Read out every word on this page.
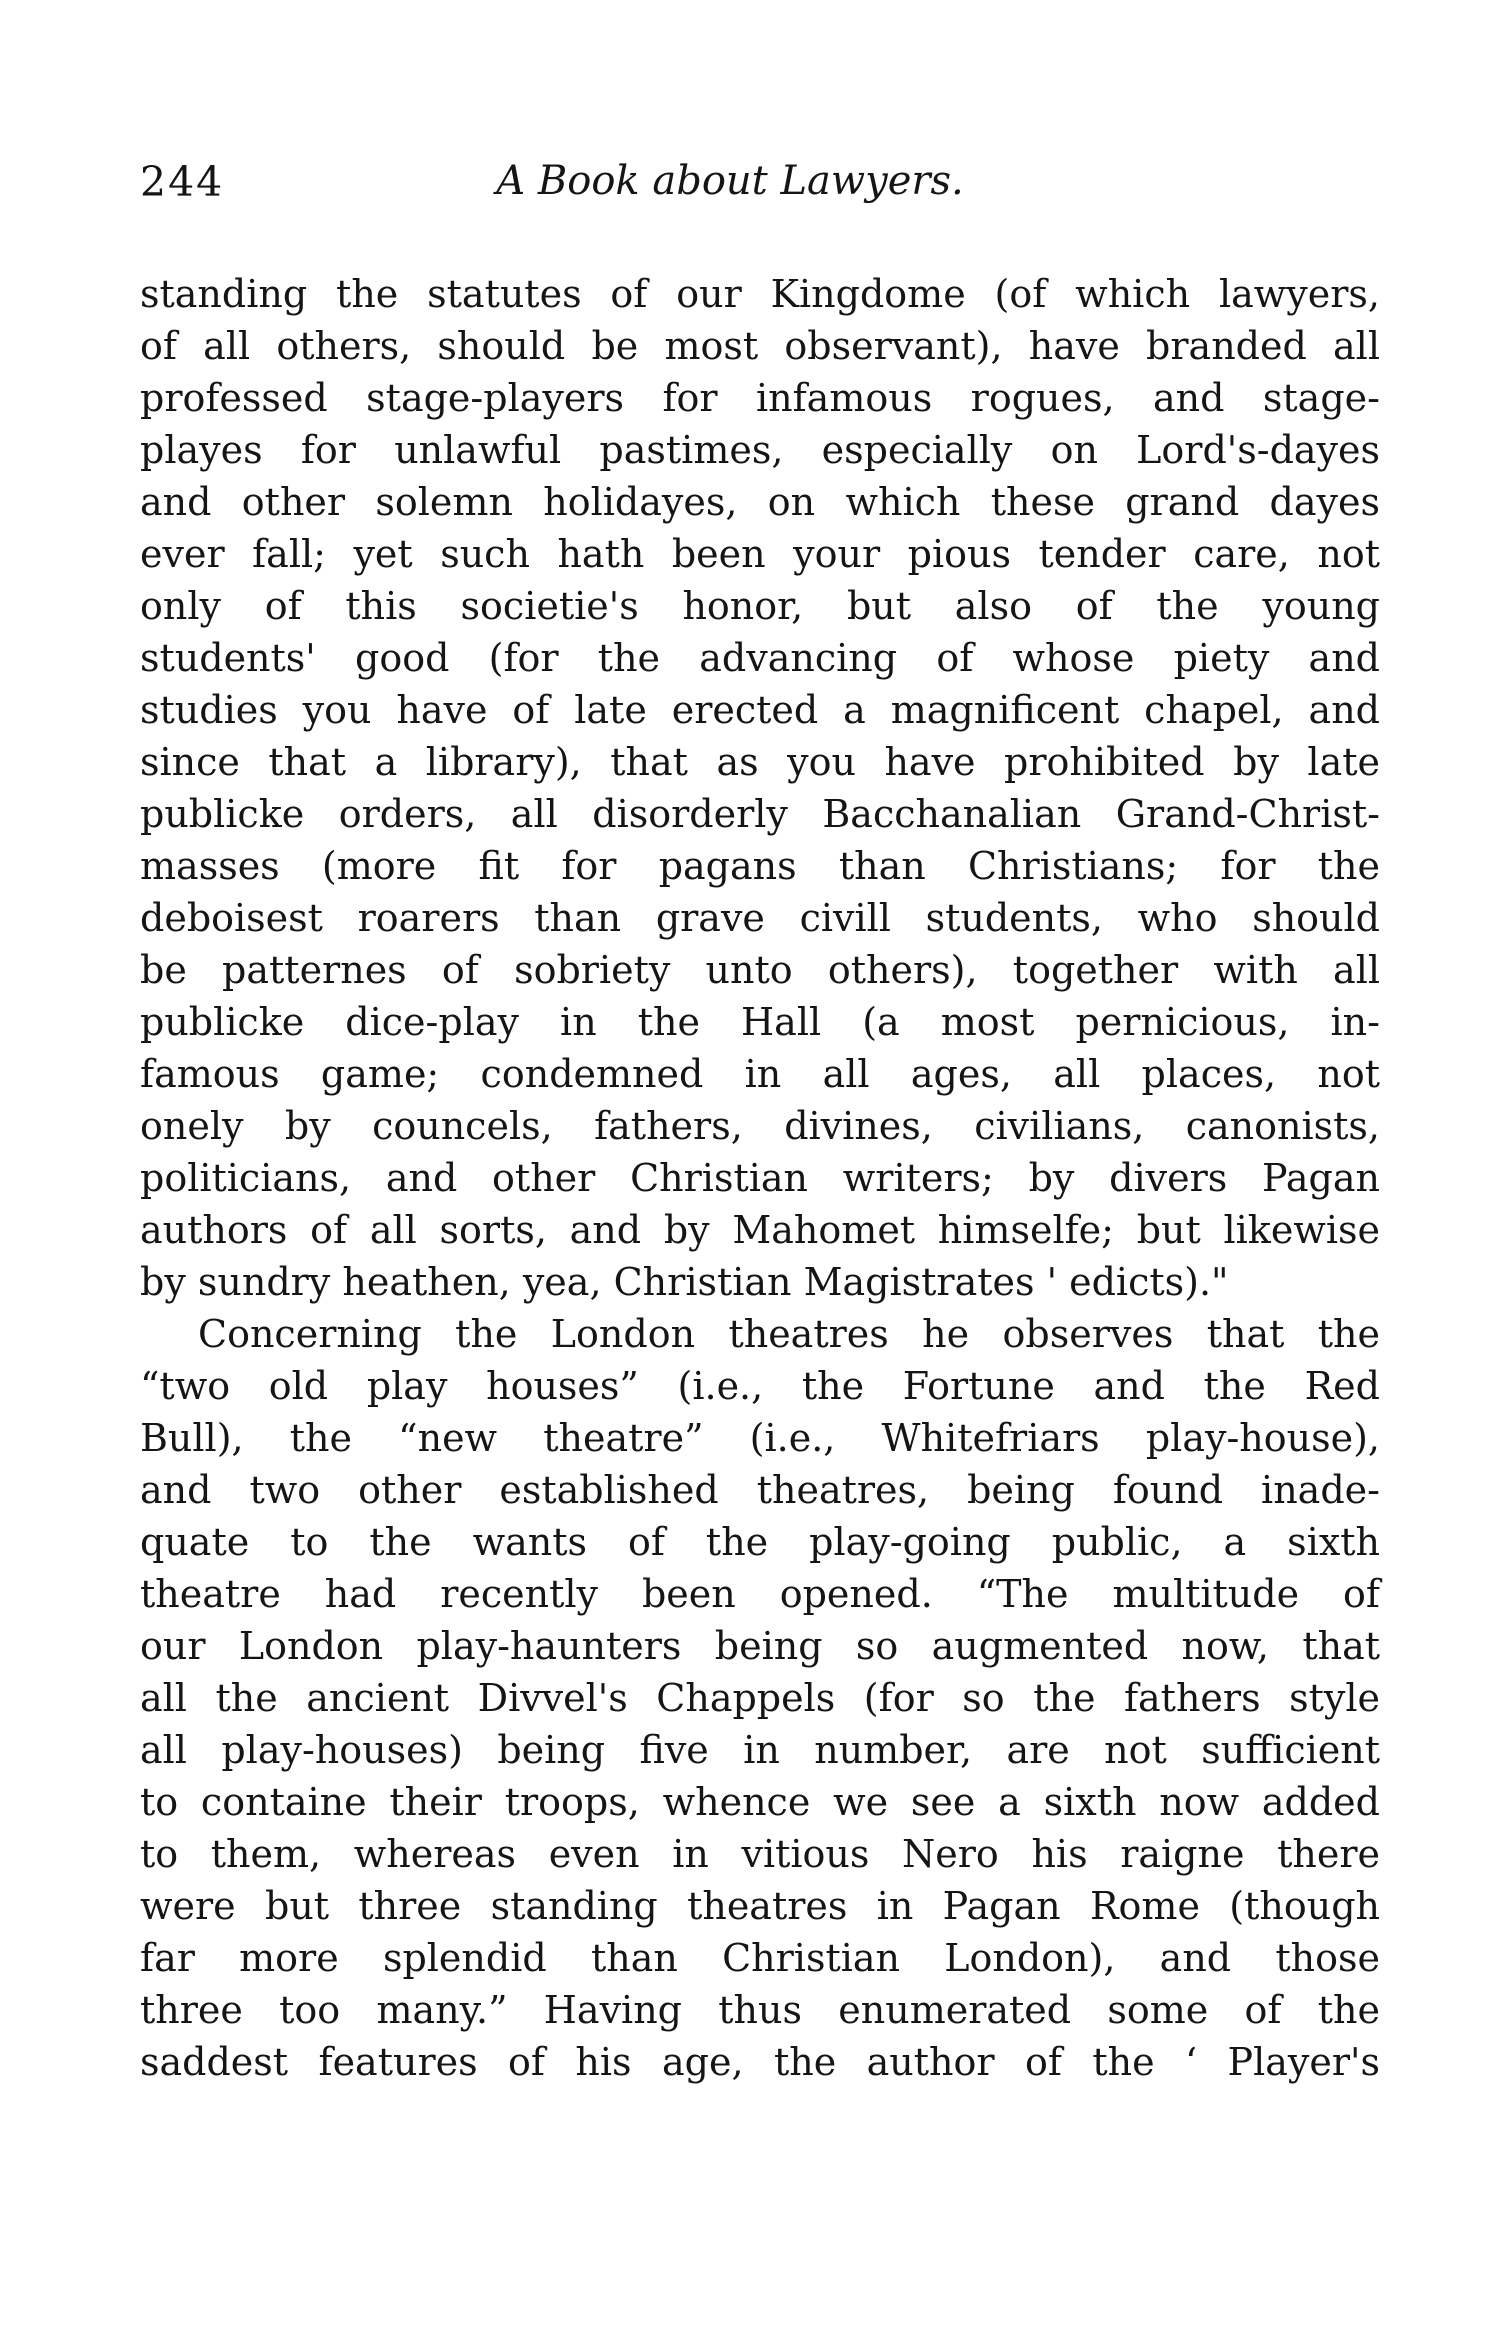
244	A Book about Lawyers.
standing the statutes of our Kingdome (of which lawyers,
of all others, should be most observant), have branded all
professed stage-players for infamous rogues, and stage-
playes for unlawful pastimes, especially on Lord's-dayes
and other solemn holidayes, on which these grand dayes
ever fall; yet such hath been your pious tender care, not
only of this societie's honor, but also of the young
students' good (for the advancing of whose piety and
studies you have of late erected a magnificent chapel, and
since that a library), that as you have prohibited by late
publicke orders, all disorderly Bacchanalian Grand-Christ-
masses (more fit for pagans than Christians; for the
deboisest roarers than grave civill students, who should
be patternes of sobriety unto others), together with all
publicke dice-play in the Hall (a most pernicious, in-
famous game; condemned in all ages, all places, not
onely by councels, fathers, divines, civilians, canonists,
politicians, and other Christian writers; by divers Pagan
authors of all sorts, and by Mahomet himselfe; but likewise
by sundry heathen, yea, Christian Magistrates ' edicts)."
Concerning the London theatres he observes that the
“two old play houses” (i.e., the Fortune and the Red
Bull), the “new theatre” (i.e., Whitefriars play-house),
and two other established theatres, being found inade-
quate to the wants of the play-going public, a sixth
theatre had recently been opened. “The multitude of
our London play-haunters being so augmented now, that
all the ancient Divvel's Chappels (for so the fathers style
all play-houses) being five in number, are not sufficient
to containe their troops, whence we see a sixth now added
to them, whereas even in vitious Nero his raigne there
were but three standing theatres in Pagan Rome (though
far more splendid than Christian London), and those
three too many.” Having thus enumerated some of the
saddest features of his age, the author of the ‘ Player's
